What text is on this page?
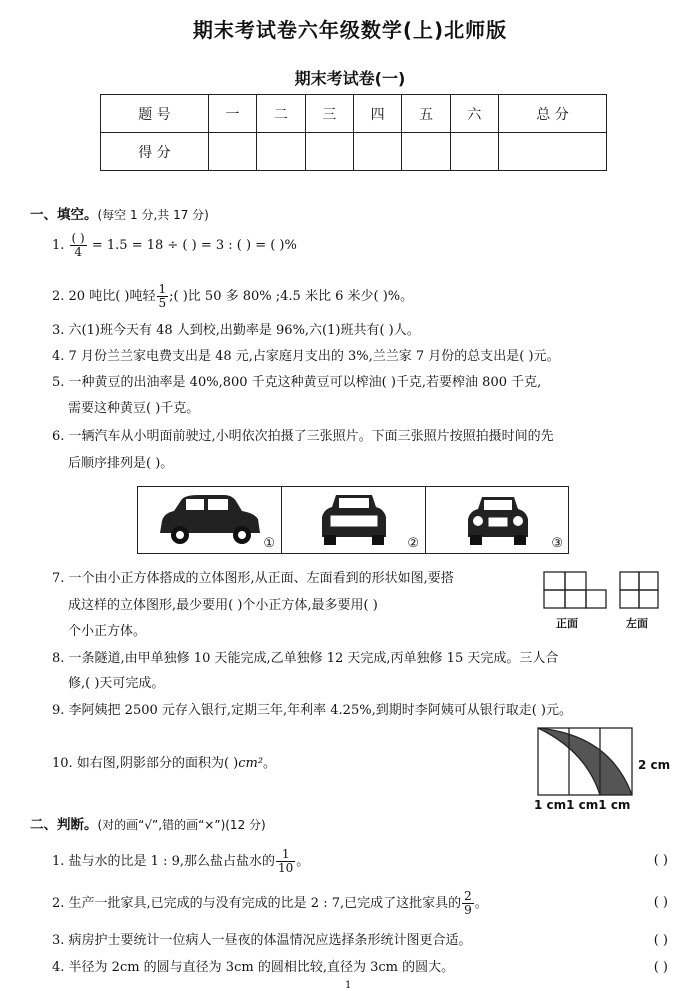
期末考试卷六年级数学(上)北师版
期末考试卷(一)
题 号	一	二	三	四	五	六	总 分
得 分							
一、填空。(每空 1 分,共 17 分)
1. $\frac{( )}{4} = 1.5 = 18$ ÷ ( ) = 3 : ( ) = ( )%
2. 20 吨比( )吨轻 $\frac{1}{5}$ ;( )比 50 多 80% ;4.5 米比 6 米少( )%。
3. 六(1)班今天有 48 人到校,出勤率是 96%,六(1)班共有( )人。
4. 7 月份兰兰家电费支出是 48 元,占家庭月支出的 3%,兰兰家 7 月份的总支出是( )元。
5. 一种黄豆的出油率是 40%,800 千克这种黄豆可以榨油( )千克,若要榨油 800 千克,
需要这种黄豆( )千克。
6. 一辆汽车从小明面前驶过,小明依次拍摄了三张照片。下面三张照片按照拍摄时间的先
后顺序排列是( )。
①	②	③
7. 一个由小正方体搭成的立体图形,从正面、左面看到的形状如图,要搭
成这样的立体图形,最少要用( )个小正方体,最多要用( )
个小正方体。
正面	左面
8. 一条隧道,由甲单独修 10 天能完成,乙单独修 12 天完成,丙单独修 15 天完成。三人合
修,( )天可完成。
9. 李阿姨把 2500 元存入银行,定期三年,年利率 4.25%,到期时李阿姨可从银行取走( )元。
10. 如右图,阴影部分的面积为( )cm²。	2 cm
1 cm1 cm1 cm
二、判断。(对的画“√”,错的画“×”)(12 分)
1. 盐与水的比是 1 : 9,那么盐占盐水的 $\frac{1}{10}$ 。	( )
2. 生产一批家具,已完成的与没有完成的比是 2 : 7,已完成了这批家具的 $\frac{2}{9}$ 。	( )
3. 病房护士要统计一位病人一昼夜的体温情况应选择条形统计图更合适。	( )
4. 半径为 2cm 的圆与直径为 3cm 的圆相比较,直径为 3cm 的圆大。	( )
1
